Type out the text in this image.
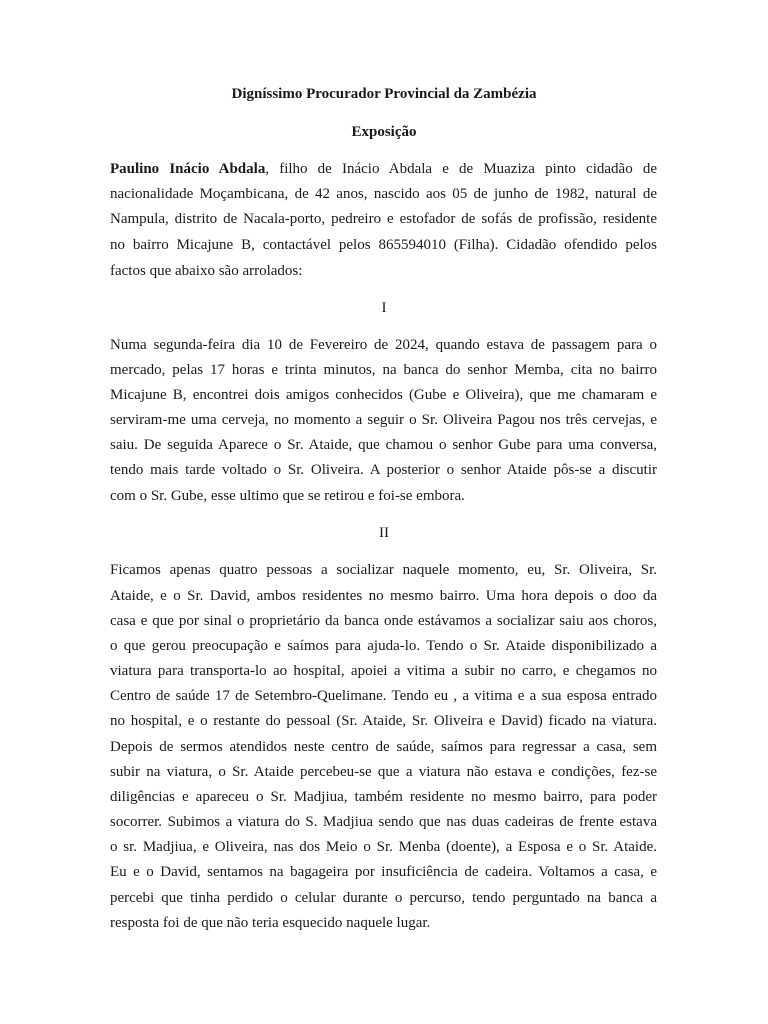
Digníssimo Procurador Provincial da Zambézia
Exposição
Paulino Inácio Abdala, filho de Inácio Abdala e de Muaziza pinto cidadão de
nacionalidade Moçambicana, de 42 anos, nascido aos 05 de junho de 1982, natural de
Nampula, distrito de Nacala-porto, pedreiro e estofador de sofás de profissão, residente
no bairro Micajune B, contactável pelos 865594010 (Filha). Cidadão ofendido pelos
factos que abaixo são arrolados:
I
Numa segunda-feira dia 10 de Fevereiro de 2024, quando estava de passagem para o
mercado, pelas 17 horas e trinta minutos, na banca do senhor Memba, cita no bairro
Micajune B, encontrei dois amigos conhecidos (Gube e Oliveira), que me chamaram e
serviram-me uma cerveja, no momento a seguir o Sr. Oliveira Pagou nos três cervejas, e
saiu. De seguida Aparece o Sr. Ataide, que chamou o senhor Gube para uma conversa,
tendo mais tarde voltado o Sr. Oliveira. A posterior o senhor Ataide pôs-se a discutir
com o Sr. Gube, esse ultimo que se retirou e foi-se embora.
II
Ficamos apenas quatro pessoas a socializar naquele momento, eu, Sr. Oliveira, Sr.
Ataide, e o Sr. David, ambos residentes no mesmo bairro. Uma hora depois o doo da
casa e que por sinal o proprietário da banca onde estávamos a socializar saiu aos choros,
o que gerou preocupação e saímos para ajuda-lo. Tendo o Sr. Ataide disponibilizado a
viatura para transporta-lo ao hospital, apoiei a vitima a subir no carro, e chegamos no
Centro de saúde 17 de Setembro-Quelimane. Tendo eu , a vitima e a sua esposa entrado
no hospital, e o restante do pessoal (Sr. Ataide, Sr. Oliveira e David) ficado na viatura.
Depois de sermos atendidos neste centro de saúde, saímos para regressar a casa, sem
subir na viatura, o Sr. Ataide percebeu-se que a viatura não estava e condições, fez-se
diligências e apareceu o Sr. Madjiua, também residente no mesmo bairro, para poder
socorrer. Subimos a viatura do S. Madjiua sendo que nas duas cadeiras de frente estava
o sr. Madjiua, e Oliveira, nas dos Meio o Sr. Menba (doente), a Esposa e o Sr. Ataide.
Eu e o David, sentamos na bagageira por insuficiência de cadeira. Voltamos a casa, e
percebi que tinha perdido o celular durante o percurso, tendo perguntado na banca a
resposta foi de que não teria esquecido naquele lugar.
